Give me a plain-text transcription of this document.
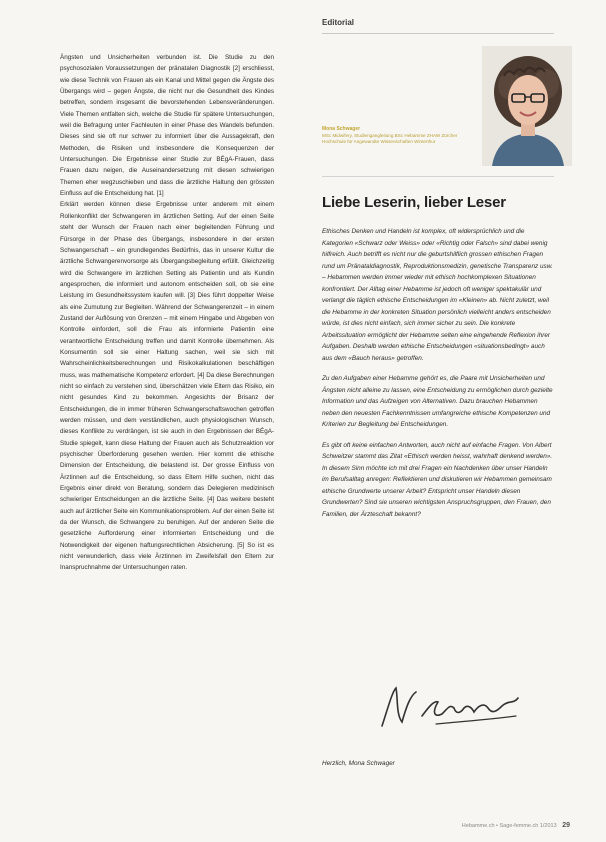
Ängsten und Unsicherheiten verbunden ist. Die Studie zu den psychosozialen Voraussetzungen der pränatalen Diagnostik [2] erschliesst, wie diese Technik von Frauen als ein Kanal und Mittel gegen die Ängste des Übergangs wird – gegen Ängste, die nicht nur die Gesundheit des Kindes betreffen, sondern insgesamt die bevorstehenden Lebensveränderungen. Viele Themen entfalten sich, welche die Studie für spätere Untersuchungen, weil die Befragung unter Fachleuten in einer Phase des Wandels befunden. Dieses sind sie oft nur schwer zu informiert über die Aussagekraft, den Methoden, die Risiken und insbesondere die Konsequenzen der Untersuchungen. Die Ergebnisse einer Studie zur BÉgA-Frauen, dass Frauen dazu neigen, die Auseinandersetzung mit diesen schwierigen Themen eher wegzuschieben und dass die ärztliche Haltung den grössten Einfluss auf die Entscheidung hat. [1]

Erklärt werden können diese Ergebnisse unter anderem mit einem Rollenkonflikt der Schwangeren im ärztlichen Setting. Auf der einen Seite steht der Wunsch der Frauen nach einer begleitenden Führung und Fürsorge in der Phase des Übergangs, insbesondere in der ersten Schwangerschaft – ein grundlegendes Bedürfnis, das in unserer Kultur die ärztliche Schwangerenvorsorge als Übergangsbegleitung erfüllt. Gleichzeitig wird die Schwangere im ärztlichen Setting als Patientin und als Kundin angesprochen, die informiert und autonom entscheiden soll, ob sie eine Leistung im Gesundheitssystem kaufen will. [3] Dies führt doppelter Weise als eine Zumutung zur Begleiten. Während der Schwangerenzeit – in einem Zustand der Auflösung von Grenzen – mit einem Hingabe und Abgeben von Kontrolle einfordert, soll die Frau als informierte Patientin eine verantwortliche Entscheidung treffen und damit Kontrolle übernehmen. Als Konsumentin soll sie einer Haltung sachen, weil sie sich mit Wahrscheinlichkeitsberechnungen und Risikokalkulationen beschäftigen muss, was mathematische Kompetenz erfordert. [4] Da diese Berechnungen nicht so einfach zu verstehen sind, überschätzen viele Eltern das Risiko, ein nicht gesundes Kind zu bekommen. Angesichts der Brisanz der Entscheidungen, die in immer früheren Schwangerschaftswochen getroffen werden müssen, und dem verständlichen, auch physiologischen Wunsch, dieses Konflikte zu verdrängen, ist sie auch in den Ergebnissen der BÉgA-Studie spiegelt, kann diese Haltung der Frauen auch als Schutzreaktion vor psychischer Überforderung gesehen werden. Hier kommt die ethische Dimension der Entscheidung, die belastend ist. Der grosse Einfluss von Ärztinnen auf die Entscheidung, so dass Eltern Hilfe suchen, nicht das Ergebnis einer direkt von Beratung, sondern das Delegieren medizinisch schwieriger Entscheidungen an die ärztliche Seite. [4] Das weitere besteht auch auf ärztlicher Seite ein Kommunikationsproblem. Auf der einen Seite ist da der Wunsch, die Schwangere zu beruhigen. Auf der anderen Seite die gesetzliche Aufforderung einer informierten Entscheidung und die Notwendigkeit der eigenen haftungsrechtlichen Absicherung. [5] So ist es nicht verwunderlich, dass viele Ärztinnen im Zweifelsfall den Eltern zur Inanspruchnahme der Untersuchungen raten.

Editorial
Mona Schwager
MSc Midwifery, Studiengangleitung BSc Hebamme ZHAW Zürcher Hochschule für Angewandte Wissenschaften Winterthur
Liebe Leserin, lieber Leser

Ethisches Denken und Handeln ist komplex, oft widersprüchlich und die Kategorien «Schwarz oder Weiss» oder «Richtig oder Falsch» sind dabei wenig hilfreich. Auch betrifft es nicht nur die geburtshilflich grossen ethischen Fragen rund um Pränataldiagnostik, Reproduktionsmedizin, genetische Transparenz usw. – Hebammen werden immer wieder mit ethisch hochkomplexen Situationen konfrontiert. Der Alltag einer Hebamme ist jedoch oft weniger spektakulär und verlangt die täglich ethische Entscheidungen im «Kleinen» ab. Nicht zuletzt, weil die Hebamme in der konkreten Situation persönlich vielleicht anders entscheiden würde, ist dies nicht einfach, sich immer sicher zu sein. Die konkrete Arbeitssituation ermöglicht der Hebamme selten eine eingehende Reflexion ihrer Aufgaben. Deshalb werden ethische Entscheidungen «situationsbedingt» auch aus dem «Bauch heraus» getroffen.

Zu den Aufgaben einer Hebamme gehört es, die Paare mit Unsicherheiten und Ängsten nicht alleine zu lassen, eine Entscheidung zu ermöglichen durch gezielte Information und das Aufzeigen von Alternativen. Dazu brauchen Hebammen neben den neuesten Fachkenntnissen umfangreiche ethische Kompetenzen und Kriterien zur Begleitung bei Entscheidungen.

Es gibt oft keine einfachen Antworten, auch nicht auf einfache Fragen. Von Albert Schweitzer stammt das Zitat «Ethisch werden heisst, wahrhaft denkend werden». In diesem Sinn möchte ich mit drei Fragen ein Nachdenken über unser Handeln im Berufsalltag anregen: Reflektieren und diskutieren wir Hebammen gemeinsam ethische Grundwerte unserer Arbeit? Entspricht unser Handeln diesen Grundwerten? Sind sie unseren wichtigsten Anspruchsgruppen, den Frauen, den Familien, der Ärzteschaft bekannt?

Herzlich, Mona Schwager
Hebamme.ch • Sage-femme.ch 1/2013 29
